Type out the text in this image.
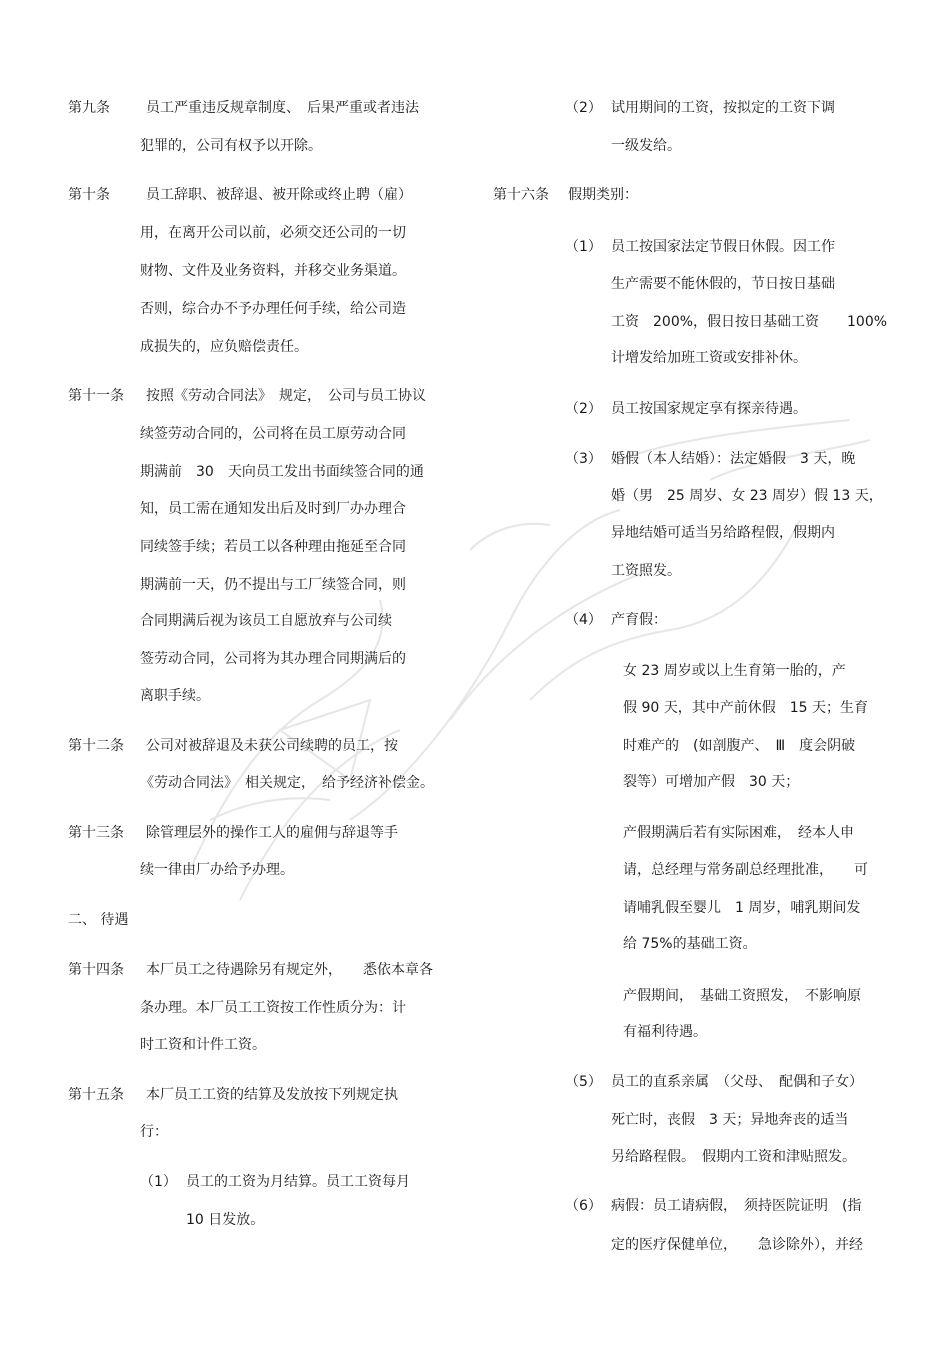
第九条	员工严重违反规章制度、　后果严重或者违法
犯罪的，公司有权予以开除。
第十条	员工辞职、被辞退、被开除或终止聘（雇）
用，在离开公司以前，必须交还公司的一切
财物、文件及业务资料，并移交业务渠道。
否则，综合办不予办理任何手续，给公司造
成损失的，应负赔偿责任。
第十一条 按照《劳动合同法》　规定，　公司与员工协议
续签劳动合同的，公司将在员工原劳动合同
期满前　30　天向员工发出书面续签合同的通
知，员工需在通知发出后及时到厂办办理合
同续签手续；若员工以各种理由拖延至合同
期满前一天，仍不提出与工厂续签合同，则
合同期满后视为该员工自愿放弃与公司续
签劳动合同，公司将为其办理合同期满后的
离职手续。
第十二条 公司对被辞退及未获公司续聘的员工，按
《劳动合同法》　相关规定，　给予经济补偿金。
第十三条 除管理层外的操作工人的雇佣与辞退等手
续一律由厂办给予办理。
二、 待遇
第十四条 本厂员工之待遇除另有规定外，　　悉依本章各
条办理。本厂员工工资按工作性质分为：计
时工资和计件工资。
第十五条 本厂员工工资的结算及发放按下列规定执
行：
（1） 员工的工资为月结算。员工工资每月
10 日发放。
（2） 试用期间的工资，按拟定的工资下调
一级发给。
第十六条 假期类别：
（1） 员工按国家法定节假日休假。因工作
生产需要不能休假的，节日按日基础
工资　200%，假日按日基础工资　　100%
计增发给加班工资或安排补休。
（2） 员工按国家规定享有探亲待遇。
（3） 婚假（本人结婚）：法定婚假　3 天，晚
婚（男　25 周岁、女 23 周岁）假 13 天，
异地结婚可适当另给路程假，假期内
工资照发。
（4） 产育假：
女 23 周岁或以上生育第一胎的，产
假 90 天，其中产前休假　15 天；生育
时难产的　(如剖腹产、　Ⅲ　度会阴破
裂等）可增加产假　30 天；
产假期满后若有实际困难，　经本人申
请，总经理与常务副总经理批准，　　可
请哺乳假至婴儿　1 周岁，哺乳期间发
给 75%的基础工资。
产假期间，　基础工资照发，　不影响原
有福利待遇。
（5） 员工的直系亲属　（父母、　配偶和子女）
死亡时，丧假　3 天；异地奔丧的适当
另给路程假。　假期内工资和津贴照发。
（6） 病假：员工请病假，　须持医院证明　(指
定的医疗保健单位，　　急诊除外），并经
